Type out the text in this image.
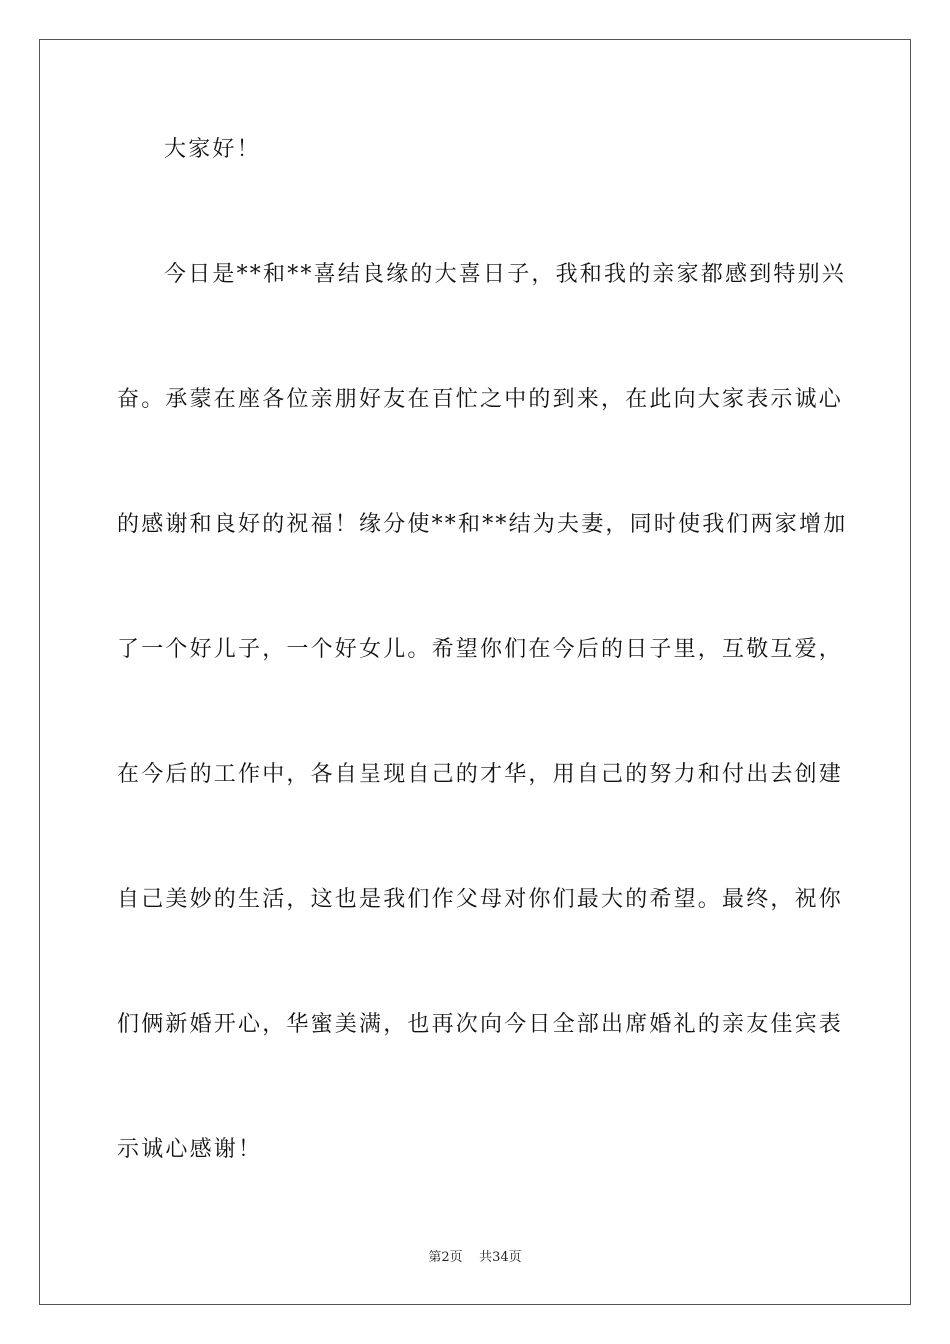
大家好！
今日是**和**喜结良缘的大喜日子，我和我的亲家都感到特别兴
奋。承蒙在座各位亲朋好友在百忙之中的到来，在此向大家表示诚心
的感谢和良好的祝福！缘分使**和**结为夫妻，同时使我们两家增加
了一个好儿子，一个好女儿。希望你们在今后的日子里，互敬互爱，
在今后的工作中，各自呈现自己的才华，用自己的努力和付出去创建
自己美妙的生活，这也是我们作父母对你们最大的希望。最终，祝你
们俩新婚开心，华蜜美满，也再次向今日全部出席婚礼的亲友佳宾表
示诚心感谢！
第2页 共34页
